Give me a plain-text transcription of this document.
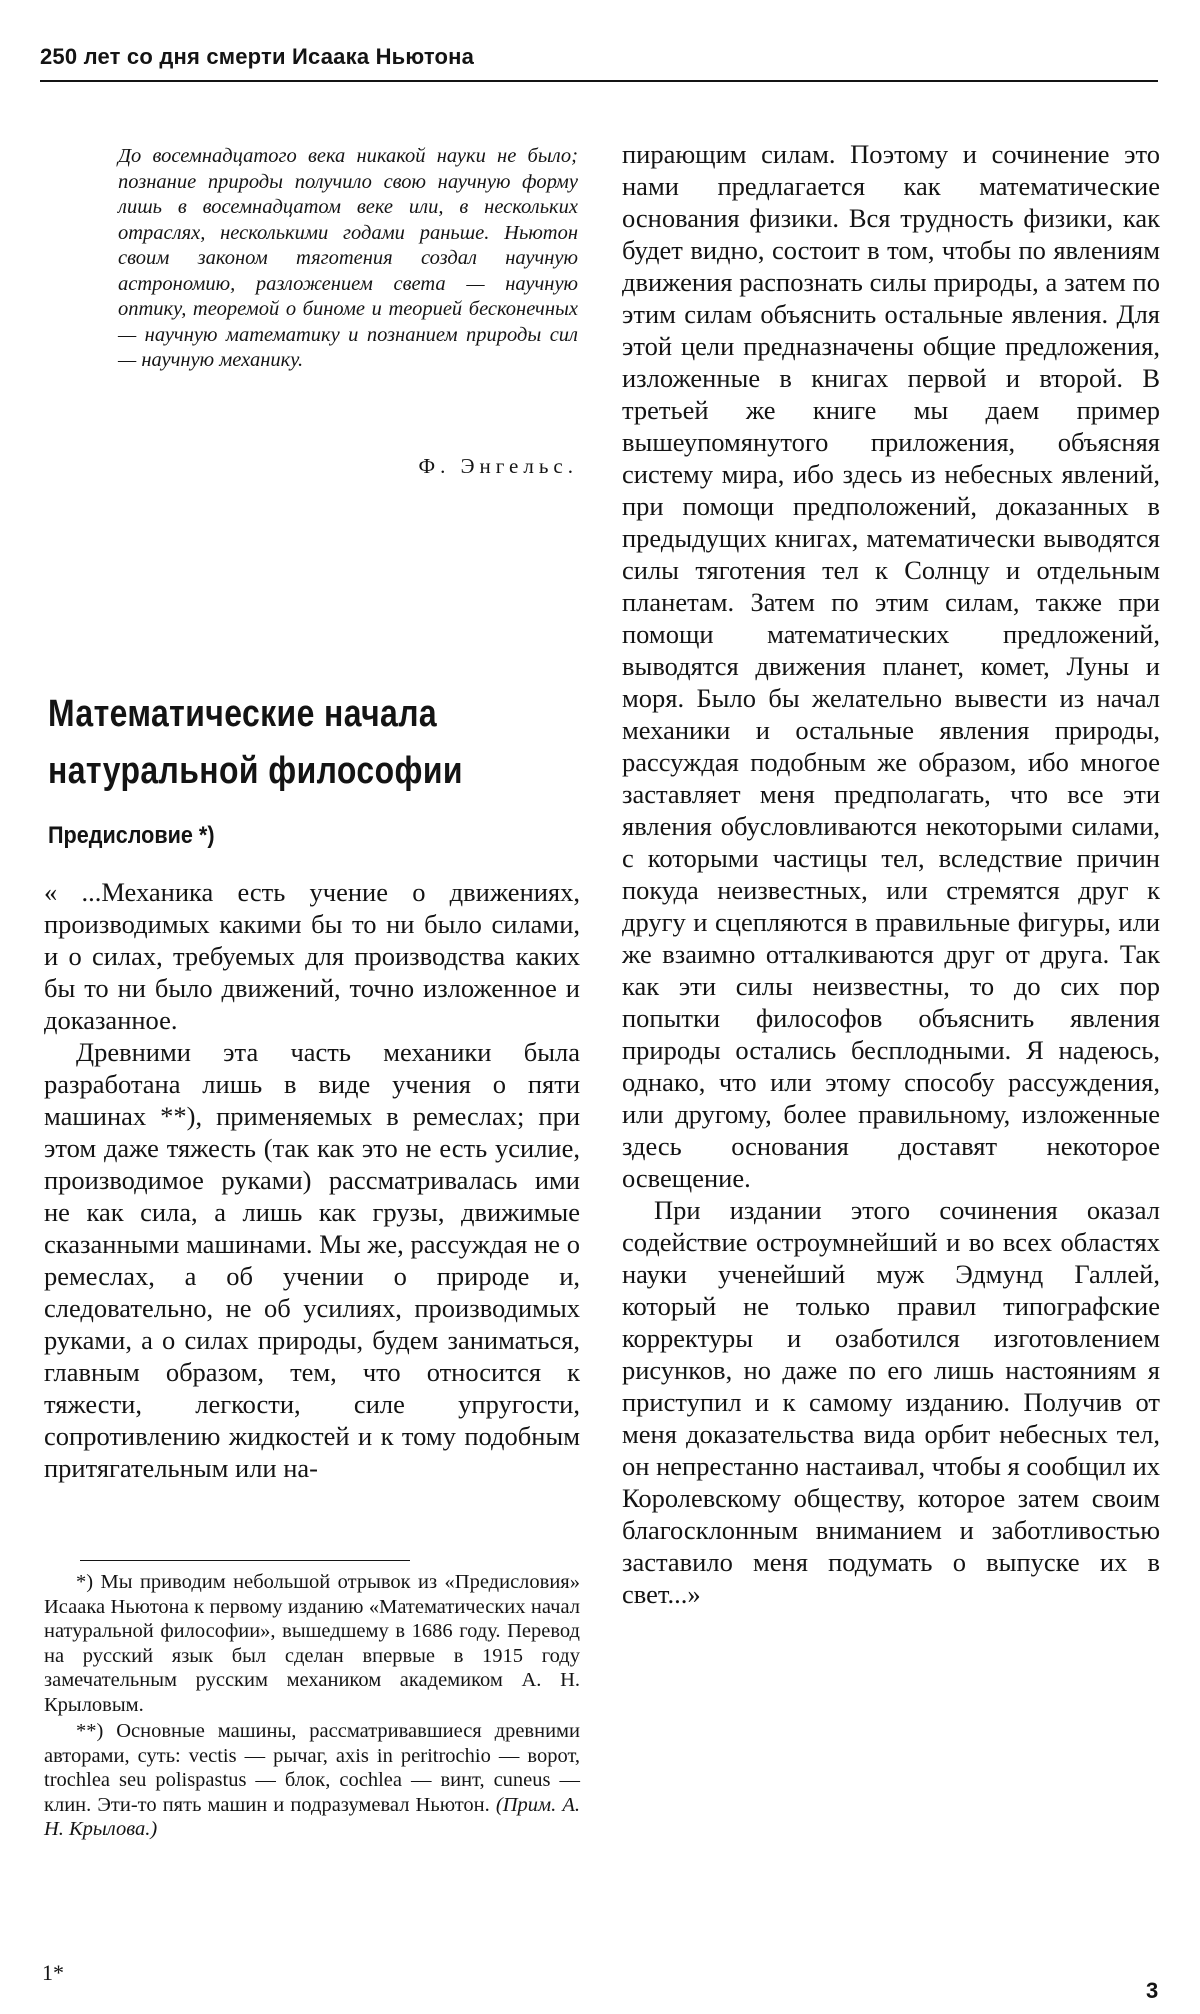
250 лет со дня смерти Исаака Ньютона
До восемнадцатого века никакой науки не было; познание природы получило свою научную форму лишь в восемнадцатом веке или, в нескольких отраслях, несколькими годами раньше. Ньютон своим законом тяготения создал научную астрономию, разложением света — научную оптику, теоремой о биноме и теорией бесконечных — научную математику и познанием природы сил — научную механику.
Ф. Энгельс.
Математические начала натуральной философии
Предисловие *)

« ...Механика есть учение о движениях, производимых какими бы то ни было силами, и о силах, требуемых для производства каких бы то ни было движений, точно изложенное и доказанное.

Древними эта часть механики была разработана лишь в виде учения о пяти машинах **), применяемых в ремеслах; при этом даже тяжесть (так как это не есть усилие, производимое руками) рассматривалась ими не как сила, а лишь как грузы, движимые сказанными машинами. Мы же, рассуждая не о ремеслах, а об учении о природе и, следовательно, не об усилиях, производимых руками, а о силах природы, будем заниматься, главным образом, тем, что относится к тяжести, легкости, силе упругости, сопротивлению жидкостей и к тому подобным притягательным или на-

пирающим силам. Поэтому и сочинение это нами предлагается как математические основания физики. Вся трудность физики, как будет видно, состоит в том, чтобы по явлениям движения распознать силы природы, а затем по этим силам объяснить остальные явления. Для этой цели предназначены общие предложения, изложенные в книгах первой и второй. В третьей же книге мы даем пример вышеупомянутого приложения, объясняя систему мира, ибо здесь из небесных явлений, при помощи предположений, доказанных в предыдущих книгах, математически выводятся силы тяготения тел к Солнцу и отдельным планетам. Затем по этим силам, также при помощи математических предложений, выводятся движения планет, комет, Луны и моря. Было бы желательно вывести из начал механики и остальные явления природы, рассуждая подобным же образом, ибо многое заставляет меня предполагать, что все эти явления обусловливаются некоторыми силами, с которыми частицы тел, вследствие причин покуда неизвестных, или стремятся друг к другу и сцепляются в правильные фигуры, или же взаимно отталкиваются друг от друга. Так как эти силы неизвестны, то до сих пор попытки философов объяснить явления природы остались бесплодными. Я надеюсь, однако, что или этому способу рассуждения, или другому, более правильному, изложенные здесь основания доставят некоторое освещение.

При издании этого сочинения оказал содействие остроумнейший и во всех областях науки ученейший муж Эдмунд Галлей, который не только правил типографские корректуры и озаботился изготовлением рисунков, но даже по его лишь настояниям я приступил и к самому изданию. Получив от меня доказательства вида орбит небесных тел, он непрестанно настаивал, чтобы я сообщил их Королевскому обществу, которое затем своим благосклонным вниманием и заботливостью заставило меня подумать о выпуске их в свет...»

*) Мы приводим небольшой отрывок из «Предисловия» Исаака Ньютона к первому изданию «Математических начал натуральной философии», вышедшему в 1686 году. Перевод на русский язык был сделан впервые в 1915 году замечательным русским механиком академиком А. Н. Крыловым.

**) Основные машины, рассматривавшиеся древними авторами, суть: vectis — рычаг, axis in peritrochio — ворот, trochlea seu polispastus — блок, cochlea — винт, cuneus — клин. Эти-то пять машин и подразумевал Ньютон. (Прим. А. Н. Крылова.)

1*
3
